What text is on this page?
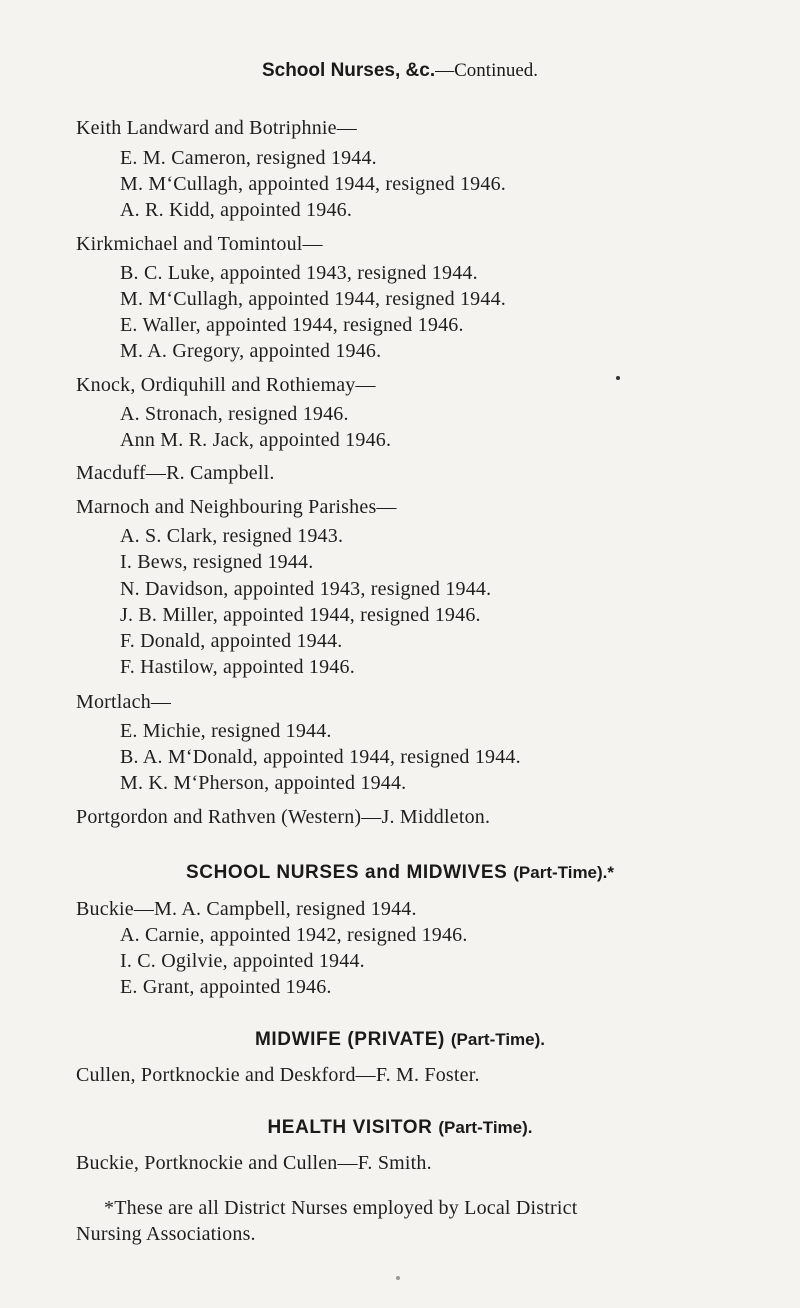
School Nurses, &c.—Continued.
Keith Landward and Botriphnie—
E. M. Cameron, resigned 1944.
M. M‘Cullagh, appointed 1944, resigned 1946.
A. R. Kidd, appointed 1946.
Kirkmichael and Tomintoul—
B. C. Luke, appointed 1943, resigned 1944.
M. M‘Cullagh, appointed 1944, resigned 1944.
E. Waller, appointed 1944, resigned 1946.
M. A. Gregory, appointed 1946.
Knock, Ordiquhill and Rothiemay—
A. Stronach, resigned 1946.
Ann M. R. Jack, appointed 1946.
Macduff—R. Campbell.
Marnoch and Neighbouring Parishes—
A. S. Clark, resigned 1943.
I. Bews, resigned 1944.
N. Davidson, appointed 1943, resigned 1944.
J. B. Miller, appointed 1944, resigned 1946.
F. Donald, appointed 1944.
F. Hastilow, appointed 1946.
Mortlach—
E. Michie, resigned 1944.
B. A. M‘Donald, appointed 1944, resigned 1944.
M. K. M‘Pherson, appointed 1944.
Portgordon and Rathven (Western)—J. Middleton.
SCHOOL NURSES and MIDWIVES (Part-Time).*
Buckie—M. A. Campbell, resigned 1944.
A. Carnie, appointed 1942, resigned 1946.
I. C. Ogilvie, appointed 1944.
E. Grant, appointed 1946.
MIDWIFE (PRIVATE) (Part-Time).
Cullen, Portknockie and Deskford—F. M. Foster.
HEALTH VISITOR (Part-Time).
Buckie, Portknockie and Cullen—F. Smith.
*These are all District Nurses employed by Local District
Nursing Associations.
